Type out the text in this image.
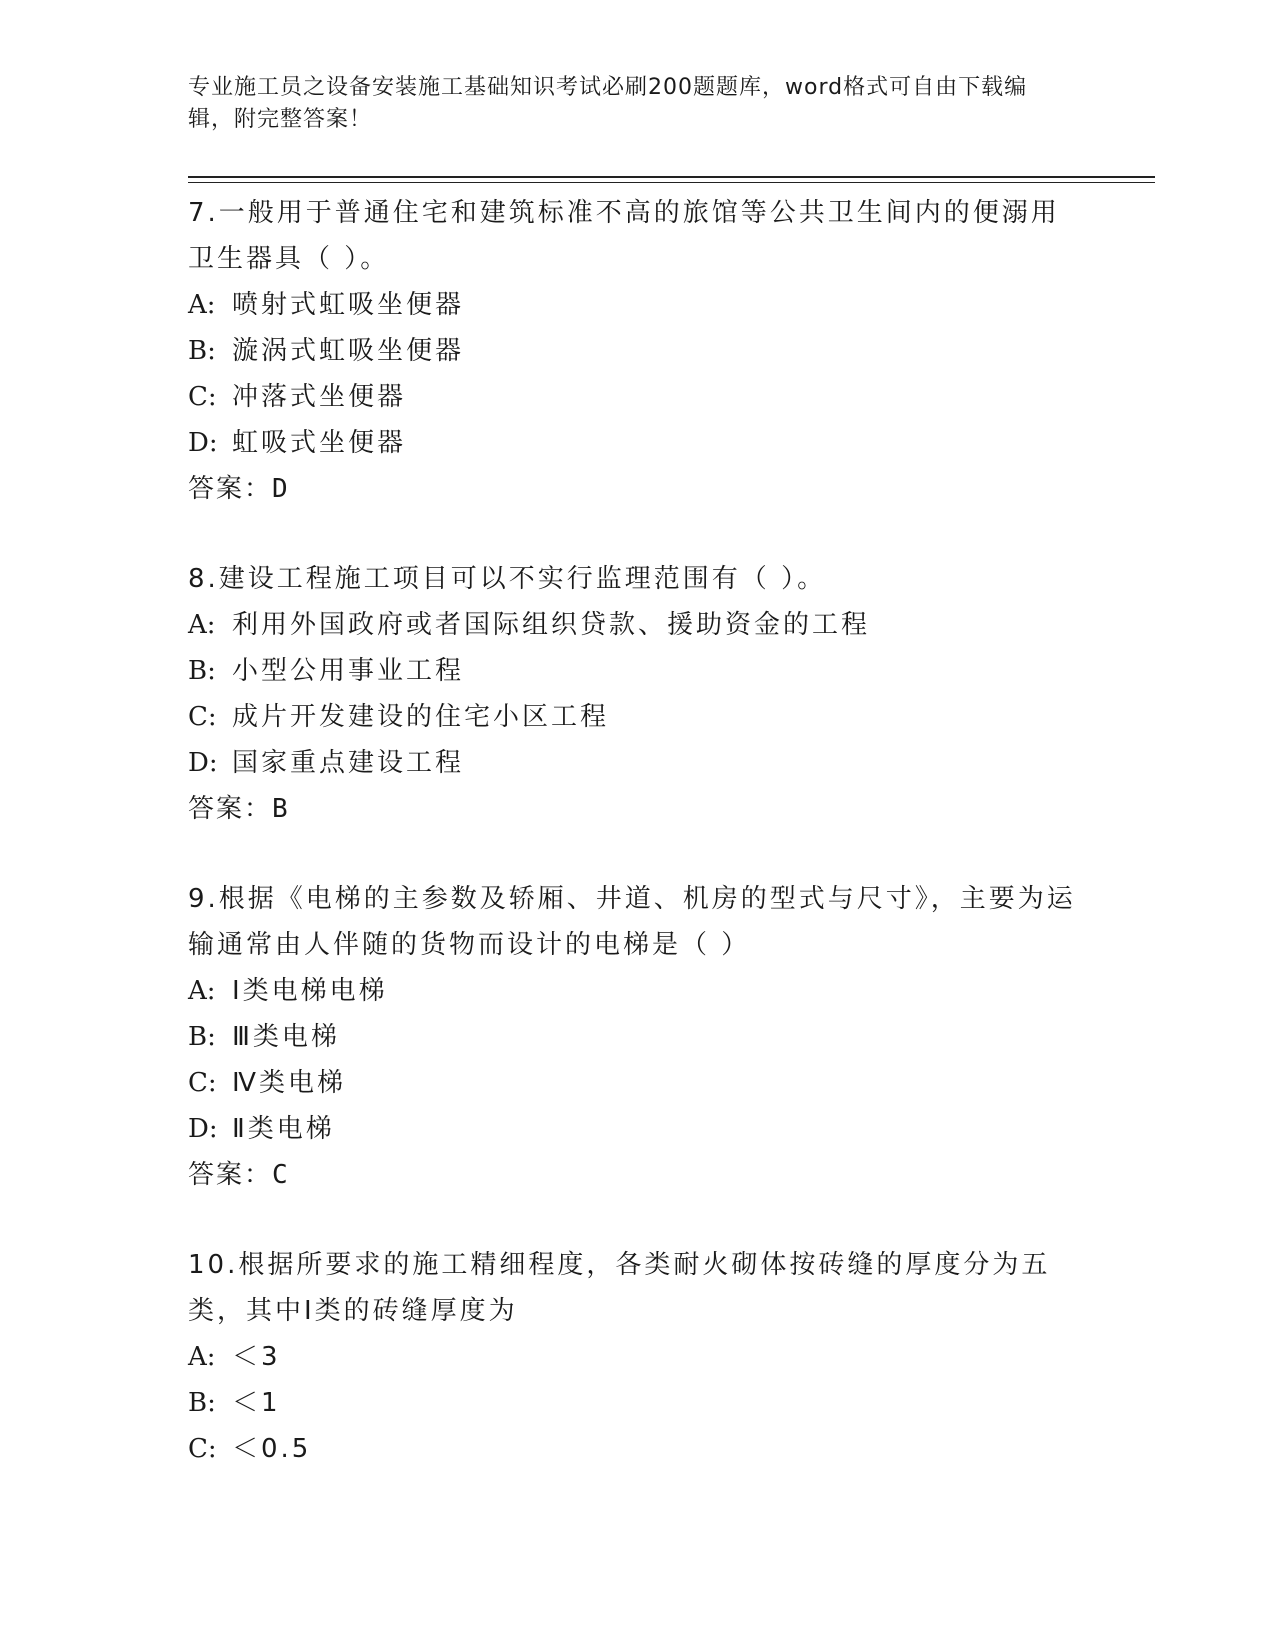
专业施工员之设备安装施工基础知识考试必刷200题题库，word格式可自由下载编辑，附完整答案！
7.一般用于普通住宅和建筑标准不高的旅馆等公共卫生间内的便溺用卫生器具（ ）。
A: 喷射式虹吸坐便器
B: 漩涡式虹吸坐便器
C: 冲落式坐便器
D: 虹吸式坐便器
答案：D
8.建设工程施工项目可以不实行监理范围有（ ）。
A: 利用外国政府或者国际组织贷款、援助资金的工程
B: 小型公用事业工程
C: 成片开发建设的住宅小区工程
D: 国家重点建设工程
答案：B
9.根据《电梯的主参数及轿厢、井道、机房的型式与尺寸》，主要为运输通常由人伴随的货物而设计的电梯是（ ）
A: Ⅰ类电梯电梯
B: Ⅲ类电梯
C: Ⅳ类电梯
D: Ⅱ类电梯
答案：C
10.根据所要求的施工精细程度，各类耐火砌体按砖缝的厚度分为五类，其中Ⅰ类的砖缝厚度为
A: ＜3
B: ＜1
C: ＜0.5
